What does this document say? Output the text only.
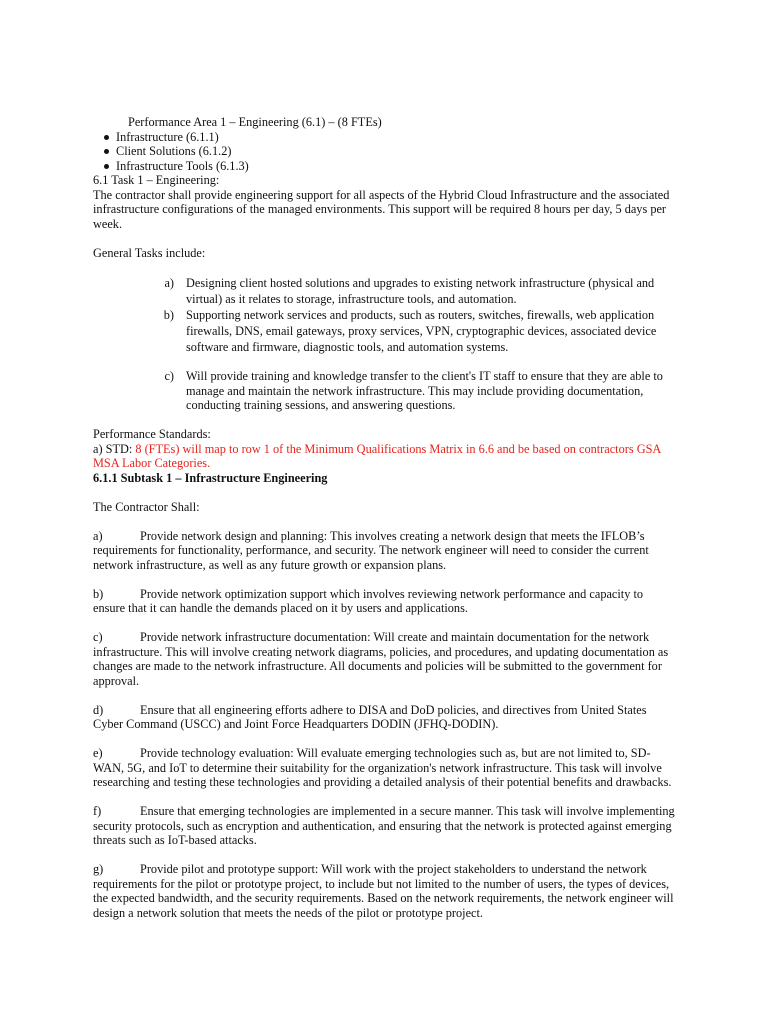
Performance Area 1 – Engineering (6.1) – (8 FTEs)

Infrastructure (6.1.1)
Client Solutions (6.1.2)
Infrastructure Tools (6.1.3)

6.1 Task 1 – Engineering:

The contractor shall provide engineering support for all aspects of the Hybrid Cloud Infrastructure and the associated infrastructure configurations of the managed environments. This support will be required 8 hours per day, 5 days per week.

General Tasks include:

a) Designing client hosted solutions and upgrades to existing network infrastructure (physical and virtual) as it relates to storage, infrastructure tools, and automation.
b) Supporting network services and products, such as routers, switches, firewalls, web application firewalls, DNS, email gateways, proxy services, VPN, cryptographic devices, associated device software and firmware, diagnostic tools, and automation systems.
c) Will provide training and knowledge transfer to the client's IT staff to ensure that they are able to manage and maintain the network infrastructure. This may include providing documentation, conducting training sessions, and answering questions.

Performance Standards:

a) STD: 8 (FTEs) will map to row 1 of the Minimum Qualifications Matrix in 6.6 and be based on contractors GSA MSA Labor Categories.

6.1.1 Subtask 1 – Infrastructure Engineering

The Contractor Shall:

a)	Provide network design and planning: This involves creating a network design that meets the IFLOB’s requirements for functionality, performance, and security. The network engineer will need to consider the current network infrastructure, as well as any future growth or expansion plans.

b)	Provide network optimization support which involves reviewing network performance and capacity to ensure that it can handle the demands placed on it by users and applications.

c)	Provide network infrastructure documentation: Will create and maintain documentation for the network infrastructure. This will involve creating network diagrams, policies, and procedures, and updating documentation as changes are made to the network infrastructure. All documents and policies will be submitted to the government for approval.

d)	Ensure that all engineering efforts adhere to DISA and DoD policies, and directives from United States Cyber Command (USCC) and Joint Force Headquarters DODIN (JFHQ-DODIN).

e)	Provide technology evaluation: Will evaluate emerging technologies such as, but are not limited to, SD-WAN, 5G, and IoT to determine their suitability for the organization's network infrastructure. This task will involve researching and testing these technologies and providing a detailed analysis of their potential benefits and drawbacks.

f)	Ensure that emerging technologies are implemented in a secure manner. This task will involve implementing security protocols, such as encryption and authentication, and ensuring that the network is protected against emerging threats such as IoT-based attacks.

g)	Provide pilot and prototype support: Will work with the project stakeholders to understand the network requirements for the pilot or prototype project, to include but not limited to the number of users, the types of devices, the expected bandwidth, and the security requirements. Based on the network requirements, the network engineer will design a network solution that meets the needs of the pilot or prototype project.
